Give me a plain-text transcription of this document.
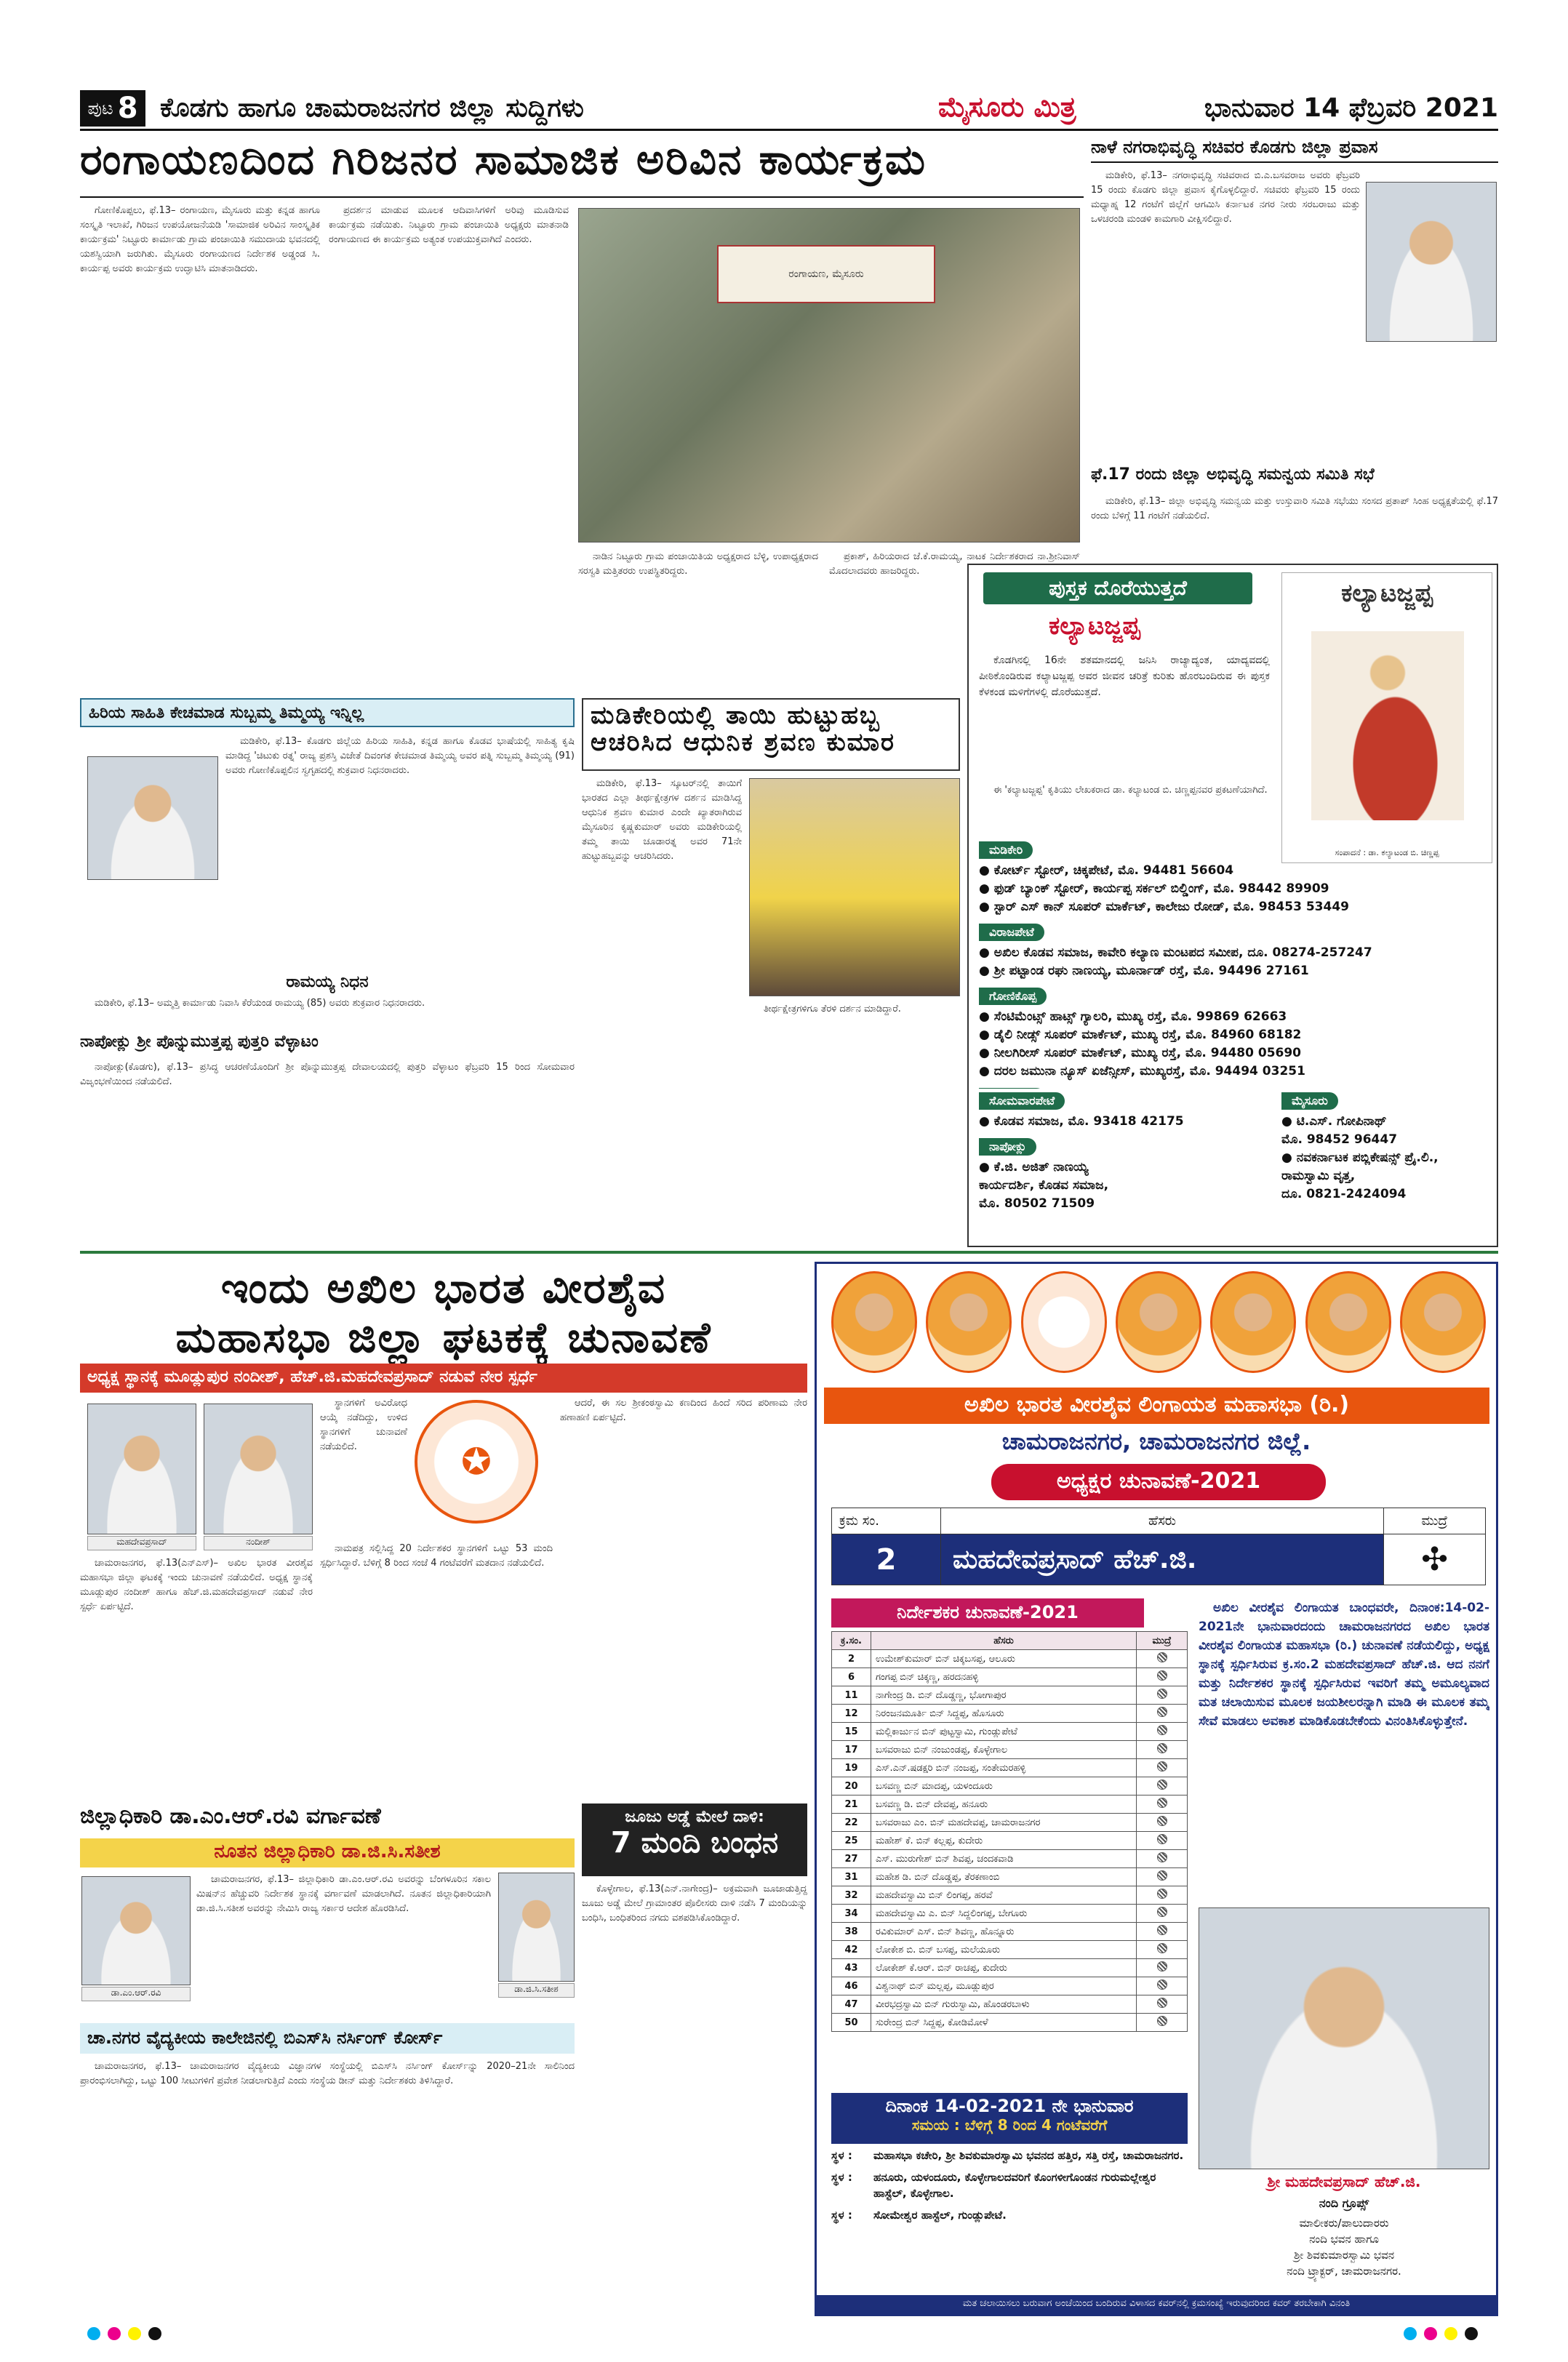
ಪುಟ 8 ಕೊಡಗು ಹಾಗೂ ಚಾಮರಾಜನಗರ ಜಿಲ್ಲಾ ಸುದ್ದಿಗಳು	ಮೈಸೂರು ಮಿತ್ರ	ಭಾನುವಾರ 14 ಫೆಬ್ರವರಿ 2021
ರಂಗಾಯಣದಿಂದ ಗಿರಿಜನರ ಸಾಮಾಜಿಕ ಅರಿವಿನ ಕಾರ್ಯಕ್ರಮ

ಗೋಣಿಕೊಪ್ಪಲು, ಫೆ.13– ರಂಗಾಯಣ, ಮೈಸೂರು ಮತ್ತು ಕನ್ನಡ ಹಾಗೂ ಸಂಸ್ಕೃತಿ ಇಲಾಖೆ, ಗಿರಿಜನ ಉಪಯೋಜನೆಯಡಿ 'ಸಾಮಾಜಿಕ ಅರಿವಿನ ಸಾಂಸ್ಕೃತಿಕ ಕಾರ್ಯಕ್ರಮ' ನಿಟ್ಟೂರು ಕಾರ್ಮಾಡು ಗ್ರಾಮ ಪಂಚಾಯಿತಿ ಸಮುದಾಯ ಭವನದಲ್ಲಿ ಯಶಸ್ವಿಯಾಗಿ ಜರುಗಿತು. ಮೈಸೂರು ರಂಗಾಯಣದ ನಿರ್ದೇಶಕ ಅಡ್ಡಂಡ ಸಿ. ಕಾರ್ಯಪ್ಪ ಅವರು ಕಾರ್ಯಕ್ರಮ ಉದ್ಘಾಟಿಸಿ ಮಾತನಾಡಿದರು.

ಪ್ರದರ್ಶನ ಮಾಡುವ ಮೂಲಕ ಆದಿವಾಸಿಗಳಿಗೆ ಅರಿವು ಮೂಡಿಸುವ ಕಾರ್ಯಕ್ರಮ ನಡೆಯಿತು. ನಿಟ್ಟೂರು ಗ್ರಾಮ ಪಂಚಾಯಿತಿ ಅಧ್ಯಕ್ಷರು ಮಾತನಾಡಿ ರಂಗಾಯಣದ ಈ ಕಾರ್ಯಕ್ರಮ ಅತ್ಯಂತ ಉಪಯುಕ್ತವಾಗಿದೆ ಎಂದರು.

ರಂಗಾಯಣ, ಮೈಸೂರು

ನಾಡಿನ ನಿಟ್ಟೂರು ಗ್ರಾಮ ಪಂಚಾಯಿತಿಯ ಅಧ್ಯಕ್ಷರಾದ ಬೆಳ್ಳಿ, ಉಪಾಧ್ಯಕ್ಷರಾದ ಸರಸ್ವತಿ ಮತ್ತಿತರರು ಉಪಸ್ಥಿತರಿದ್ದರು.

ಪ್ರಕಾಶ್, ಹಿರಿಯರಾದ ಜೆ.ಕೆ.ರಾಮಯ್ಯ, ನಾಟಕ ನಿರ್ದೇಶಕರಾದ ನಾ.ಶ್ರೀನಿವಾಸ್ ಮೊದಲಾದವರು ಹಾಜರಿದ್ದರು.

ನಾಳೆ ನಗರಾಭಿವೃದ್ಧಿ ಸಚಿವರ ಕೊಡಗು ಜಿಲ್ಲಾ ಪ್ರವಾಸ

ಮಡಿಕೇರಿ, ಫೆ.13– ನಗರಾಭಿವೃದ್ಧಿ ಸಚಿವರಾದ ಬಿ.ಎ.ಬಸವರಾಜ ಅವರು ಫೆಬ್ರವರಿ 15 ರಂದು ಕೊಡಗು ಜಿಲ್ಲಾ ಪ್ರವಾಸ ಕೈಗೊಳ್ಳಲಿದ್ದಾರೆ. ಸಚಿವರು ಫೆಬ್ರವರಿ 15 ರಂದು ಮಧ್ಯಾಹ್ನ 12 ಗಂಟೆಗೆ ಜಿಲ್ಲೆಗೆ ಆಗಮಿಸಿ ಕರ್ನಾಟಕ ನಗರ ನೀರು ಸರಬರಾಜು ಮತ್ತು ಒಳಚರಂಡಿ ಮಂಡಳಿ ಕಾಮಗಾರಿ ವೀಕ್ಷಿಸಲಿದ್ದಾರೆ.

ಫೆ.17 ರಂದು ಜಿಲ್ಲಾ ಅಭಿವೃದ್ಧಿ ಸಮನ್ವಯ ಸಮಿತಿ ಸಭೆ

ಮಡಿಕೇರಿ, ಫೆ.13– ಜಿಲ್ಲಾ ಅಭಿವೃದ್ಧಿ ಸಮನ್ವಯ ಮತ್ತು ಉಸ್ತುವಾರಿ ಸಮಿತಿ ಸಭೆಯು ಸಂಸದ ಪ್ರತಾಪ್ ಸಿಂಹ ಅಧ್ಯಕ್ಷತೆಯಲ್ಲಿ ಫೆ.17 ರಂದು ಬೆಳಿಗ್ಗೆ 11 ಗಂಟೆಗೆ ನಡೆಯಲಿದೆ.

ಪುಸ್ತಕ ದೊರೆಯುತ್ತದೆ
ಕಲ್ಯಾಟಜ್ಜಪ್ಪ

ಕೊಡಗಿನಲ್ಲಿ 16ನೇ ಶತಮಾನದಲ್ಲಿ ಜನಿಸಿ ರಾಜ್ಯಾದ್ಯಂತ, ಯಾದ್ಯವದಲ್ಲಿ ಪೀಠಿಕೊಂಡಿರುವ ಕಲ್ಯಾಟಜ್ಜಪ್ಪ ಅವರ ಜೀವನ ಚರಿತ್ರೆ ಕುರಿತು ಹೊರಬಂದಿರುವ ಈ ಪುಸ್ತಕ ಕೆಳಕಂಡ ಮಳಿಗೆಗಳಲ್ಲಿ ದೊರೆಯುತ್ತದೆ.

ಕಲ್ಯಾಟಜ್ಜಪ್ಪ
ಸಂಪಾದನೆ : ಡಾ. ಕಲ್ಯಾಟಂಡ ಬಿ. ಚಿಣ್ಣಪ್ಪ

ಈ 'ಕಲ್ಯಾಟಜ್ಜಪ್ಪ' ಕೃತಿಯು ಲೇಖಕರಾದ ಡಾ. ಕಲ್ಯಾಟಂಡ ಬಿ. ಚಿಣ್ಣಪ್ಪನವರ ಪ್ರಕಟಣೆಯಾಗಿದೆ.

ಮಡಿಕೇರಿ
● ಕೋರ್ಟ್ ಸ್ಟೋರ್, ಚಿಕ್ಕಪೇಟೆ, ಮೊ. 94481 56604
● ಫುಡ್ ಬ್ಯಾಂಕ್ ಸ್ಟೋರ್, ಕಾರ್ಯಪ್ಪ ಸರ್ಕಲ್ ಬಿಲ್ಡಿಂಗ್, ಮೊ. 98442 89909
● ಸ್ಟಾರ್ ಎಸ್ ಕಾನ್ ಸೂಪರ್ ಮಾರ್ಕೆಟ್, ಕಾಲೇಜು ರೋಡ್, ಮೊ. 98453 53449
ವಿರಾಜಪೇಟೆ
● ಅಖಿಲ ಕೊಡವ ಸಮಾಜ, ಕಾವೇರಿ ಕಲ್ಯಾಣ ಮಂಟಪದ ಸಮೀಪ, ದೂ. 08274-257247
● ಶ್ರೀ ಪಟ್ಟಾಂಡ ರಘು ನಾಣಯ್ಯ, ಮೂರ್ನಾಡ್ ರಸ್ತೆ, ಮೊ. 94496 27161
ಗೋಣಿಕೊಪ್ಪ
● ಸೆಂಟಿಮೆಂಟ್ಸ್ ಹಾಟ್ಸ್ ಗ್ಯಾಲರಿ, ಮುಖ್ಯ ರಸ್ತೆ, ಮೊ. 99869 62663
● ಡೈಲಿ ನೀಡ್ಸ್ ಸೂಪರ್ ಮಾರ್ಕೆಟ್, ಮುಖ್ಯ ರಸ್ತೆ, ಮೊ. 84960 68182
● ನೀಲಗಿರೀಸ್ ಸೂಪರ್ ಮಾರ್ಕೆಟ್, ಮುಖ್ಯ ರಸ್ತೆ, ಮೊ. 94480 05690
● ದರಲ ಜಮುನಾ ನ್ಯೂಸ್ ಏಜೆನ್ಸೀಸ್, ಮುಖ್ಯರಸ್ತೆ, ಮೊ. 94494 03251
ಸೋಮವಾರಪೇಟೆ
● ಕೊಡವ ಸಮಾಜ, ಮೊ. 93418 42175
ನಾಪೋಕ್ಲು
● ಕೆ.ಜಿ. ಅಜಿತ್ ನಾಣಯ್ಯ
ಕಾರ್ಯದರ್ಶಿ, ಕೊಡವ ಸಮಾಜ,
ಮೊ. 80502 71509
ಮೈಸೂರು
● ಟಿ.ಎಸ್. ಗೋಪಿನಾಥ್
ಮೊ. 98452 96447
● ನವಕರ್ನಾಟಕ ಪಬ್ಲಿಕೇಷನ್ಸ್ ಪ್ರೈ.ಲಿ.,
ರಾಮಸ್ವಾಮಿ ವೃತ್ತ,
ದೂ. 0821-2424094
ಹಿರಿಯ ಸಾಹಿತಿ ಕೇಚಮಾಡ ಸುಬ್ಬಮ್ಮ ತಿಮ್ಮಯ್ಯ ಇನ್ನಿಲ್ಲ

ಮಡಿಕೇರಿ, ಫೆ.13– ಕೊಡಗು ಜಿಲ್ಲೆಯ ಹಿರಿಯ ಸಾಹಿತಿ, ಕನ್ನಡ ಹಾಗೂ ಕೊಡವ ಭಾಷೆಯಲ್ಲಿ ಸಾಹಿತ್ಯ ಕೃಷಿ ಮಾಡಿದ್ದ 'ಚಿಟುಕು ರತ್ನ' ರಾಜ್ಯ ಪ್ರಶಸ್ತಿ ವಿಜೇತೆ ದಿವಂಗತ ಕೇಚಮಾಡ ತಿಮ್ಮಯ್ಯ ಅವರ ಪತ್ನಿ ಸುಬ್ಬಮ್ಮ ತಿಮ್ಮಯ್ಯ (91) ಅವರು ಗೋಣಿಕೊಪ್ಪಲಿನ ಸ್ವಗೃಹದಲ್ಲಿ ಶುಕ್ರವಾರ ನಿಧನರಾದರು.

ರಾಮಯ್ಯ ನಿಧನ

ಮಡಿಕೇರಿ, ಫೆ.13– ಅಮ್ಮತ್ತಿ ಕಾರ್ಮಾಡು ನಿವಾಸಿ ಕೆರೆಯಂಡ ರಾಮಯ್ಯ (85) ಅವರು ಶುಕ್ರವಾರ ನಿಧನರಾದರು.

ನಾಪೋಕ್ಲು ಶ್ರೀ ಪೊನ್ನುಮುತ್ತಪ್ಪ ಪುತ್ತರಿ ವೆಳ್ಳಾಟಂ

ನಾಪೋಕ್ಲು(ಕೊಡಗು), ಫೆ.13– ಪ್ರಸಿದ್ಧ ಆಚರಣೆಯೊಂದಿಗೆ ಶ್ರೀ ಪೊನ್ನುಮುತ್ತಪ್ಪ ದೇವಾಲಯದಲ್ಲಿ ಪುತ್ತರಿ ವೆಳ್ಳಾಟಂ ಫೆಬ್ರವರಿ 15 ರಿಂದ ಸೋಮವಾರ ವಿಜೃಂಭಣೆಯಿಂದ ನಡೆಯಲಿದೆ.

ಮಡಿಕೇರಿಯಲ್ಲಿ ತಾಯಿ ಹುಟ್ಟುಹಬ್ಬ
ಆಚರಿಸಿದ ಆಧುನಿಕ ಶ್ರವಣ ಕುಮಾರ

ಮಡಿಕೇರಿ, ಫೆ.13– ಸ್ಕೂಟರ್‌ನಲ್ಲಿ ತಾಯಿಗೆ ಭಾರತದ ಎಲ್ಲಾ ತೀರ್ಥಕ್ಷೇತ್ರಗಳ ದರ್ಶನ ಮಾಡಿಸಿದ್ದ ಆಧುನಿಕ ಶ್ರವಣ ಕುಮಾರ ಎಂದೇ ಖ್ಯಾತರಾಗಿರುವ ಮೈಸೂರಿನ ಕೃಷ್ಣಕುಮಾರ್ ಅವರು ಮಡಿಕೇರಿಯಲ್ಲಿ ತಮ್ಮ ತಾಯಿ ಚೂಡಾರತ್ನ ಅವರ 71ನೇ ಹುಟ್ಟುಹಬ್ಬವನ್ನು ಆಚರಿಸಿದರು.

ತೀರ್ಥಕ್ಷೇತ್ರಗಳಿಗೂ ತೆರಳಿ ದರ್ಶನ ಮಾಡಿದ್ದಾರೆ.

ಇಂದು ಅಖಿಲ ಭಾರತ ವೀರಶೈವ
ಮಹಾಸಭಾ ಜಿಲ್ಲಾ ಘಟಕಕ್ಕೆ ಚುನಾವಣೆ
ಅಧ್ಯಕ್ಷ ಸ್ಥಾನಕ್ಕೆ ಮೂಡ್ಲುಪುರ ನಂದೀಶ್, ಹೆಚ್.ಜಿ.ಮಹದೇವಪ್ರಸಾದ್ ನಡುವೆ ನೇರ ಸ್ಪರ್ಧೆ
ಮಹದೇವಪ್ರಸಾದ್	ನಂದೀಶ್
✪

ಚಾಮರಾಜನಗರ, ಫೆ.13(ಎನ್‌ಎಸ್)– ಅಖಿಲ ಭಾರತ ವೀರಶೈವ ಮಹಾಸಭಾ ಜಿಲ್ಲಾ ಘಟಕಕ್ಕೆ ಇಂದು ಚುನಾವಣೆ ನಡೆಯಲಿದೆ. ಅಧ್ಯಕ್ಷ ಸ್ಥಾನಕ್ಕೆ ಮೂಡ್ಲುಪುರ ನಂದೀಶ್ ಹಾಗೂ ಹೆಚ್.ಜಿ.ಮಹದೇವಪ್ರಸಾದ್ ನಡುವೆ ನೇರ ಸ್ಪರ್ಧೆ ಏರ್ಪಟ್ಟಿದೆ.

ಸ್ಥಾನಗಳಿಗೆ ಅವಿರೋಧ ಆಯ್ಕೆ ನಡೆದಿದ್ದು, ಉಳಿದ ಸ್ಥಾನಗಳಿಗೆ ಚುನಾವಣೆ ನಡೆಯಲಿದೆ.

ನಾಮಪತ್ರ ಸಲ್ಲಿಸಿದ್ದ 20 ನಿರ್ದೇಶಕರ ಸ್ಥಾನಗಳಿಗೆ ಒಟ್ಟು 53 ಮಂದಿ ಸ್ಪರ್ಧಿಸಿದ್ದಾರೆ. ಬೆಳಿಗ್ಗೆ 8 ರಿಂದ ಸಂಜೆ 4 ಗಂಟೆವರೆಗೆ ಮತದಾನ ನಡೆಯಲಿದೆ.

ಆದರೆ, ಈ ಸಲ ಶ್ರೀಕಂಠಸ್ವಾಮಿ ಕಣದಿಂದ ಹಿಂದೆ ಸರಿದ ಪರಿಣಾಮ ನೇರ ಹಣಾಹಣಿ ಏರ್ಪಟ್ಟಿದೆ.

ಜಿಲ್ಲಾಧಿಕಾರಿ ಡಾ.ಎಂ.ಆರ್.ರವಿ ವರ್ಗಾವಣೆ
ನೂತನ ಜಿಲ್ಲಾಧಿಕಾರಿ ಡಾ.ಜಿ.ಸಿ.ಸತೀಶ
ಡಾ.ಎಂ.ಆರ್.ರವಿ	ಡಾ.ಜಿ.ಸಿ.ಸತೀಶ

ಚಾಮರಾಜನಗರ, ಫೆ.13– ಜಿಲ್ಲಾಧಿಕಾರಿ ಡಾ.ಎಂ.ಆರ್.ರವಿ ಅವರನ್ನು ಬೆಂಗಳೂರಿನ ಸಕಾಲ ಮಿಷನ್‌ನ ಹೆಚ್ಚುವರಿ ನಿರ್ದೇಶಕ ಸ್ಥಾನಕ್ಕೆ ವರ್ಗಾವಣೆ ಮಾಡಲಾಗಿದೆ. ನೂತನ ಜಿಲ್ಲಾಧಿಕಾರಿಯಾಗಿ ಡಾ.ಜಿ.ಸಿ.ಸತೀಶ ಅವರನ್ನು ನೇಮಿಸಿ ರಾಜ್ಯ ಸರ್ಕಾರ ಆದೇಶ ಹೊರಡಿಸಿದೆ.

ಜೂಜು ಅಡ್ಡೆ ಮೇಲೆ ದಾಳಿ:
7 ಮಂದಿ ಬಂಧನ

ಕೊಳ್ಳೇಗಾಲ, ಫೆ.13(ಎನ್‌.ನಾಗೇಂದ್ರ)– ಅಕ್ರಮವಾಗಿ ಜೂಜಾಡುತ್ತಿದ್ದ ಜೂಜು ಅಡ್ಡೆ ಮೇಲೆ ಗ್ರಾಮಾಂತರ ಪೊಲೀಸರು ದಾಳಿ ನಡೆಸಿ 7 ಮಂದಿಯನ್ನು ಬಂಧಿಸಿ, ಬಂಧಿತರಿಂದ ನಗದು ವಶಪಡಿಸಿಕೊಂಡಿದ್ದಾರೆ.

ಚಾ.ನಗರ ವೈದ್ಯಕೀಯ ಕಾಲೇಜಿನಲ್ಲಿ ಬಿಎಸ್‌ಸಿ ನರ್ಸಿಂಗ್ ಕೋರ್ಸ್

ಚಾಮರಾಜನಗರ, ಫೆ.13– ಚಾಮರಾಜನಗರ ವೈದ್ಯಕೀಯ ವಿಜ್ಞಾನಗಳ ಸಂಸ್ಥೆಯಲ್ಲಿ ಬಿಎಸ್‌ಸಿ ನರ್ಸಿಂಗ್ ಕೋರ್ಸ್‌ನ್ನು 2020–21ನೇ ಸಾಲಿನಿಂದ ಪ್ರಾರಂಭಿಸಲಾಗಿದ್ದು, ಒಟ್ಟು 100 ಸೀಟುಗಳಿಗೆ ಪ್ರವೇಶ ನೀಡಲಾಗುತ್ತಿದೆ ಎಂದು ಸಂಸ್ಥೆಯ ಡೀನ್ ಮತ್ತು ನಿರ್ದೇಶಕರು ತಿಳಿಸಿದ್ದಾರೆ.

ಅಖಿಲ ಭಾರತ ವೀರಶೈವ ಲಿಂಗಾಯತ ಮಹಾಸಭಾ (ರಿ.)
ಚಾಮರಾಜನಗರ, ಚಾಮರಾಜನಗರ ಜಿಲ್ಲೆ.
ಅಧ್ಯಕ್ಷರ ಚುನಾವಣೆ-2021
ಕ್ರಮ ಸಂ.	ಹೆಸರು	ಮುದ್ರೆ
2	ಮಹದೇವಪ್ರಸಾದ್ ಹೆಚ್.ಜಿ.	✣
ನಿರ್ದೇಶಕರ ಚುನಾವಣೆ-2021
ಕ್ರ.ಸಂ.	ಹೆಸರು	ಮುದ್ರೆ
2	ಉಮೇಶ್‌ಕುಮಾರ್ ಬಿನ್ ಚಿಕ್ಕಬಸಪ್ಪ, ಆಲೂರು	
6	ಗಂಗಪ್ಪ ಬಿನ್ ಚಿಕ್ಕಣ್ಣ, ಹರದನಹಳ್ಳಿ	
11	ನಾಗೇಂದ್ರ ಡಿ. ಬಿನ್ ದೊಡ್ಡಣ್ಣ, ಭೋಗಾಪುರ	
12	ನಿರಂಜನಮೂರ್ತಿ ಬಿನ್ ಸಿದ್ದಪ್ಪ, ಹೊಸೂರು	
15	ಮಲ್ಲಿಕಾರ್ಜುನ ಬಿನ್ ಪುಟ್ಟಸ್ವಾಮಿ, ಗುಂಡ್ಲುಪೇಟೆ	
17	ಬಸವರಾಜು ಬಿನ್ ನಂಜುಂಡಪ್ಪ, ಕೊಳ್ಳೇಗಾಲ	
19	ಎಸ್.ಎನ್.ಷಡಕ್ಷರಿ ಬಿನ್ ನಂಜಪ್ಪ, ಸಂತೇಮರಹಳ್ಳಿ	
20	ಬಸವಣ್ಣ ಬಿನ್ ಮಾದಪ್ಪ, ಯಳಂದೂರು	
21	ಬಸವಣ್ಣ ಡಿ. ಬಿನ್ ದೇವಪ್ಪ, ಹನೂರು	
22	ಬಸವರಾಜು ಎಂ. ಬಿನ್ ಮಹದೇವಪ್ಪ, ಚಾಮರಾಜನಗರ	
25	ಮಹೇಶ್ ಕೆ. ಬಿನ್ ಕಲ್ಲಪ್ಪ, ಕುದೇರು	
27	ಎಸ್. ಮುರುಗೇಶ್ ಬಿನ್ ಶಿವಪ್ಪ, ಚಂದಕವಾಡಿ	
31	ಮಹೇಶ ಡಿ. ಬಿನ್ ದೊಡ್ಡಪ್ಪ, ತೆರಕಣಾಂಬಿ	
32	ಮಹದೇವಸ್ವಾಮಿ ಬಿನ್ ಲಿಂಗಪ್ಪ, ಹರವೆ	
34	ಮಹದೇವಸ್ವಾಮಿ ಎ. ಬಿನ್ ಸಿದ್ದಲಿಂಗಪ್ಪ, ಬೇಗೂರು	
38	ರವಿಕುಮಾರ್ ಎಸ್. ಬಿನ್ ಶಿವಣ್ಣ, ಹೊನ್ನೂರು	
42	ಲೋಕೇಶ ಬಿ. ಬಿನ್ ಬಸಪ್ಪ, ಮಲೆಯೂರು	
43	ಲೋಕೇಶ್ ಕೆ.ಆರ್. ಬಿನ್ ರಾಚಪ್ಪ, ಕುದೇರು	
46	ವಿಶ್ವನಾಥ್ ಬಿನ್ ಮಲ್ಲಪ್ಪ, ಮೂಡ್ಲುಪುರ	
47	ವೀರಭದ್ರಸ್ವಾಮಿ ಬಿನ್ ಗುರುಸ್ವಾಮಿ, ಹೊಂಡರಬಾಳು	
50	ಸುರೇಂದ್ರ ಬಿನ್ ಸಿದ್ದಪ್ಪ, ಕೋಡಿಮೋಳೆ	

ಅಖಿಲ ವೀರಶೈವ ಲಿಂಗಾಯತ ಬಾಂಧವರೇ, ದಿನಾಂಕ:14-02-2021ನೇ ಭಾನುವಾರದಂದು ಚಾಮರಾಜನಗರದ ಅಖಿಲ ಭಾರತ ವೀರಶೈವ ಲಿಂಗಾಯತ ಮಹಾಸಭಾ (ರಿ.) ಚುನಾವಣೆ ನಡೆಯಲಿದ್ದು, ಅಧ್ಯಕ್ಷ ಸ್ಥಾನಕ್ಕೆ ಸ್ಪರ್ಧಿಸಿರುವ ಕ್ರ.ಸಂ.2 ಮಹದೇವಪ್ರಸಾದ್ ಹೆಚ್.ಜಿ. ಆದ ನನಗೆ ಮತ್ತು ನಿರ್ದೇಶಕರ ಸ್ಥಾನಕ್ಕೆ ಸ್ಪರ್ಧಿಸಿರುವ ಇವರಿಗೆ ತಮ್ಮ ಅಮೂಲ್ಯವಾದ ಮತ ಚಲಾಯಿಸುವ ಮೂಲಕ ಜಯಶೀಲರನ್ನಾಗಿ ಮಾಡಿ ಈ ಮೂಲಕ ತಮ್ಮ ಸೇವೆ ಮಾಡಲು ಅವಕಾಶ ಮಾಡಿಕೊಡಬೇಕೆಂದು ವಿನಂತಿಸಿಕೊಳ್ಳುತ್ತೇನೆ.

ಶ್ರೀ ಮಹದೇವಪ್ರಸಾದ್ ಹೆಚ್.ಜಿ.
ನಂದಿ ಗ್ರೂಪ್ಸ್
ಮಾಲೀಕರು/ಪಾಲುದಾರರು
ನಂದಿ ಭವನ ಹಾಗೂ
ಶ್ರೀ ಶಿವಕುಮಾರಸ್ವಾಮಿ ಭವನ
ನಂದಿ ಟ್ರ್ಯಾಕ್ಟರ್, ಚಾಮರಾಜನಗರ.
ದಿನಾಂಕ 14-02-2021 ನೇ ಭಾನುವಾರ
ಸಮಯ : ಬೆಳಿಗ್ಗೆ 8 ರಿಂದ 4 ಗಂಟೆವರೆಗೆ
ಸ್ಥಳ :	ಮಹಾಸಭಾ ಕಚೇರಿ, ಶ್ರೀ ಶಿವಕುಮಾರಸ್ವಾಮಿ ಭವನದ ಹತ್ತಿರ, ಸತ್ತಿ ರಸ್ತೆ, ಚಾಮರಾಜನಗರ.
ಸ್ಥಳ :	ಹನೂರು, ಯಳಂದೂರು, ಕೊಳ್ಳೇಗಾಲದವರಿಗೆ ಕೊಂಗಳೀಗೊಂಡನ ಗುರುಮಲ್ಲೇಶ್ವರ ಹಾಸ್ಟೆಲ್, ಕೊಳ್ಳೇಗಾಲ.
ಸ್ಥಳ :	ಸೋಮೇಶ್ವರ ಹಾಸ್ಟೆಲ್, ಗುಂಡ್ಲುಪೇಟೆ.
ಮತ ಚಲಾಯಿಸಲು ಬರುವಾಗ ಅಂಚೆಯಿಂದ ಬಂದಿರುವ ವಿಳಾಸದ ಕವರ್‌ನಲ್ಲಿ ಕ್ರಮಸಂಖ್ಯೆ ಇರುವುದರಿಂದ ಕವರ್ ತರಬೇಕಾಗಿ ವಿನಂತಿ
